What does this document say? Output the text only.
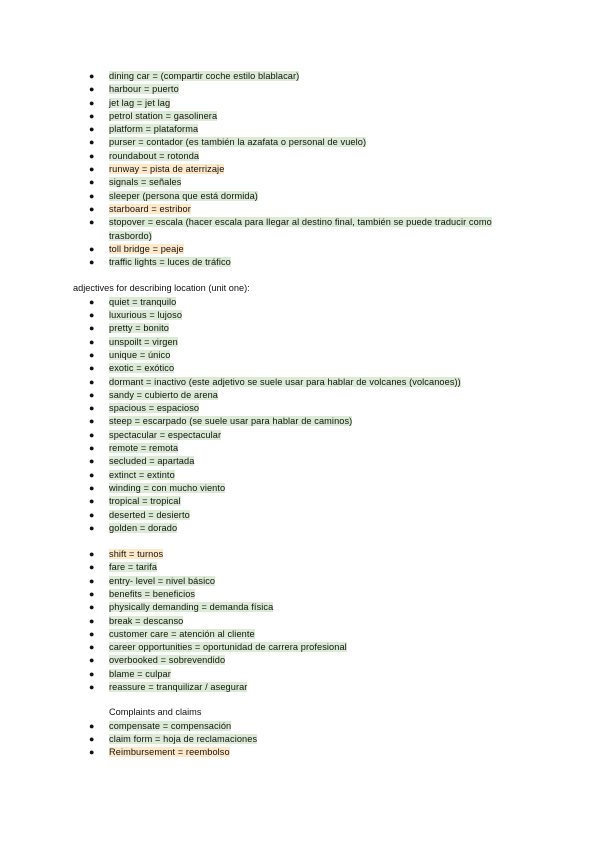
● dining car = (compartir coche estilo blablacar)
● harbour = puerto
● jet lag = jet lag
● petrol station = gasolinera
● platform = plataforma
● purser = contador (es también la azafata o personal de vuelo)
● roundabout = rotonda
● runway = pista de aterrizaje
● signals = señales
● sleeper (persona que está dormida)
● starboard = estribor
● stopover = escala (hacer escala para llegar al destino final, también se puede traducir como trasbordo)
● toll bridge = peaje
● traffic lights = luces de tráfico
adjectives for describing location (unit one):
● quiet = tranquilo
● luxurious = lujoso
● pretty = bonito
● unspoilt = virgen
● unique = único
● exotic = exótico
● dormant = inactivo (este adjetivo se suele usar para hablar de volcanes (volcanoes))
● sandy = cubierto de arena
● spacious = espacioso
● steep = escarpado (se suele usar para hablar de caminos)
● spectacular = espectacular
● remote = remota
● secluded = apartada
● extinct = extinto
● winding = con mucho viento
● tropical = tropical
● deserted = desierto
● golden = dorado
● shift = turnos
● fare = tarifa
● entry- level = nivel básico
● benefits = beneficios
● physically demanding = demanda física
● break = descanso
● customer care = atención al cliente
● career opportunities = oportunidad de carrera profesional
● overbooked = sobrevendido
● blame = culpar
● reassure = tranquilizar / asegurar
Complaints and claims
● compensate = compensación
● claim form = hoja de reclamaciones
● Reimbursement = reembolso
